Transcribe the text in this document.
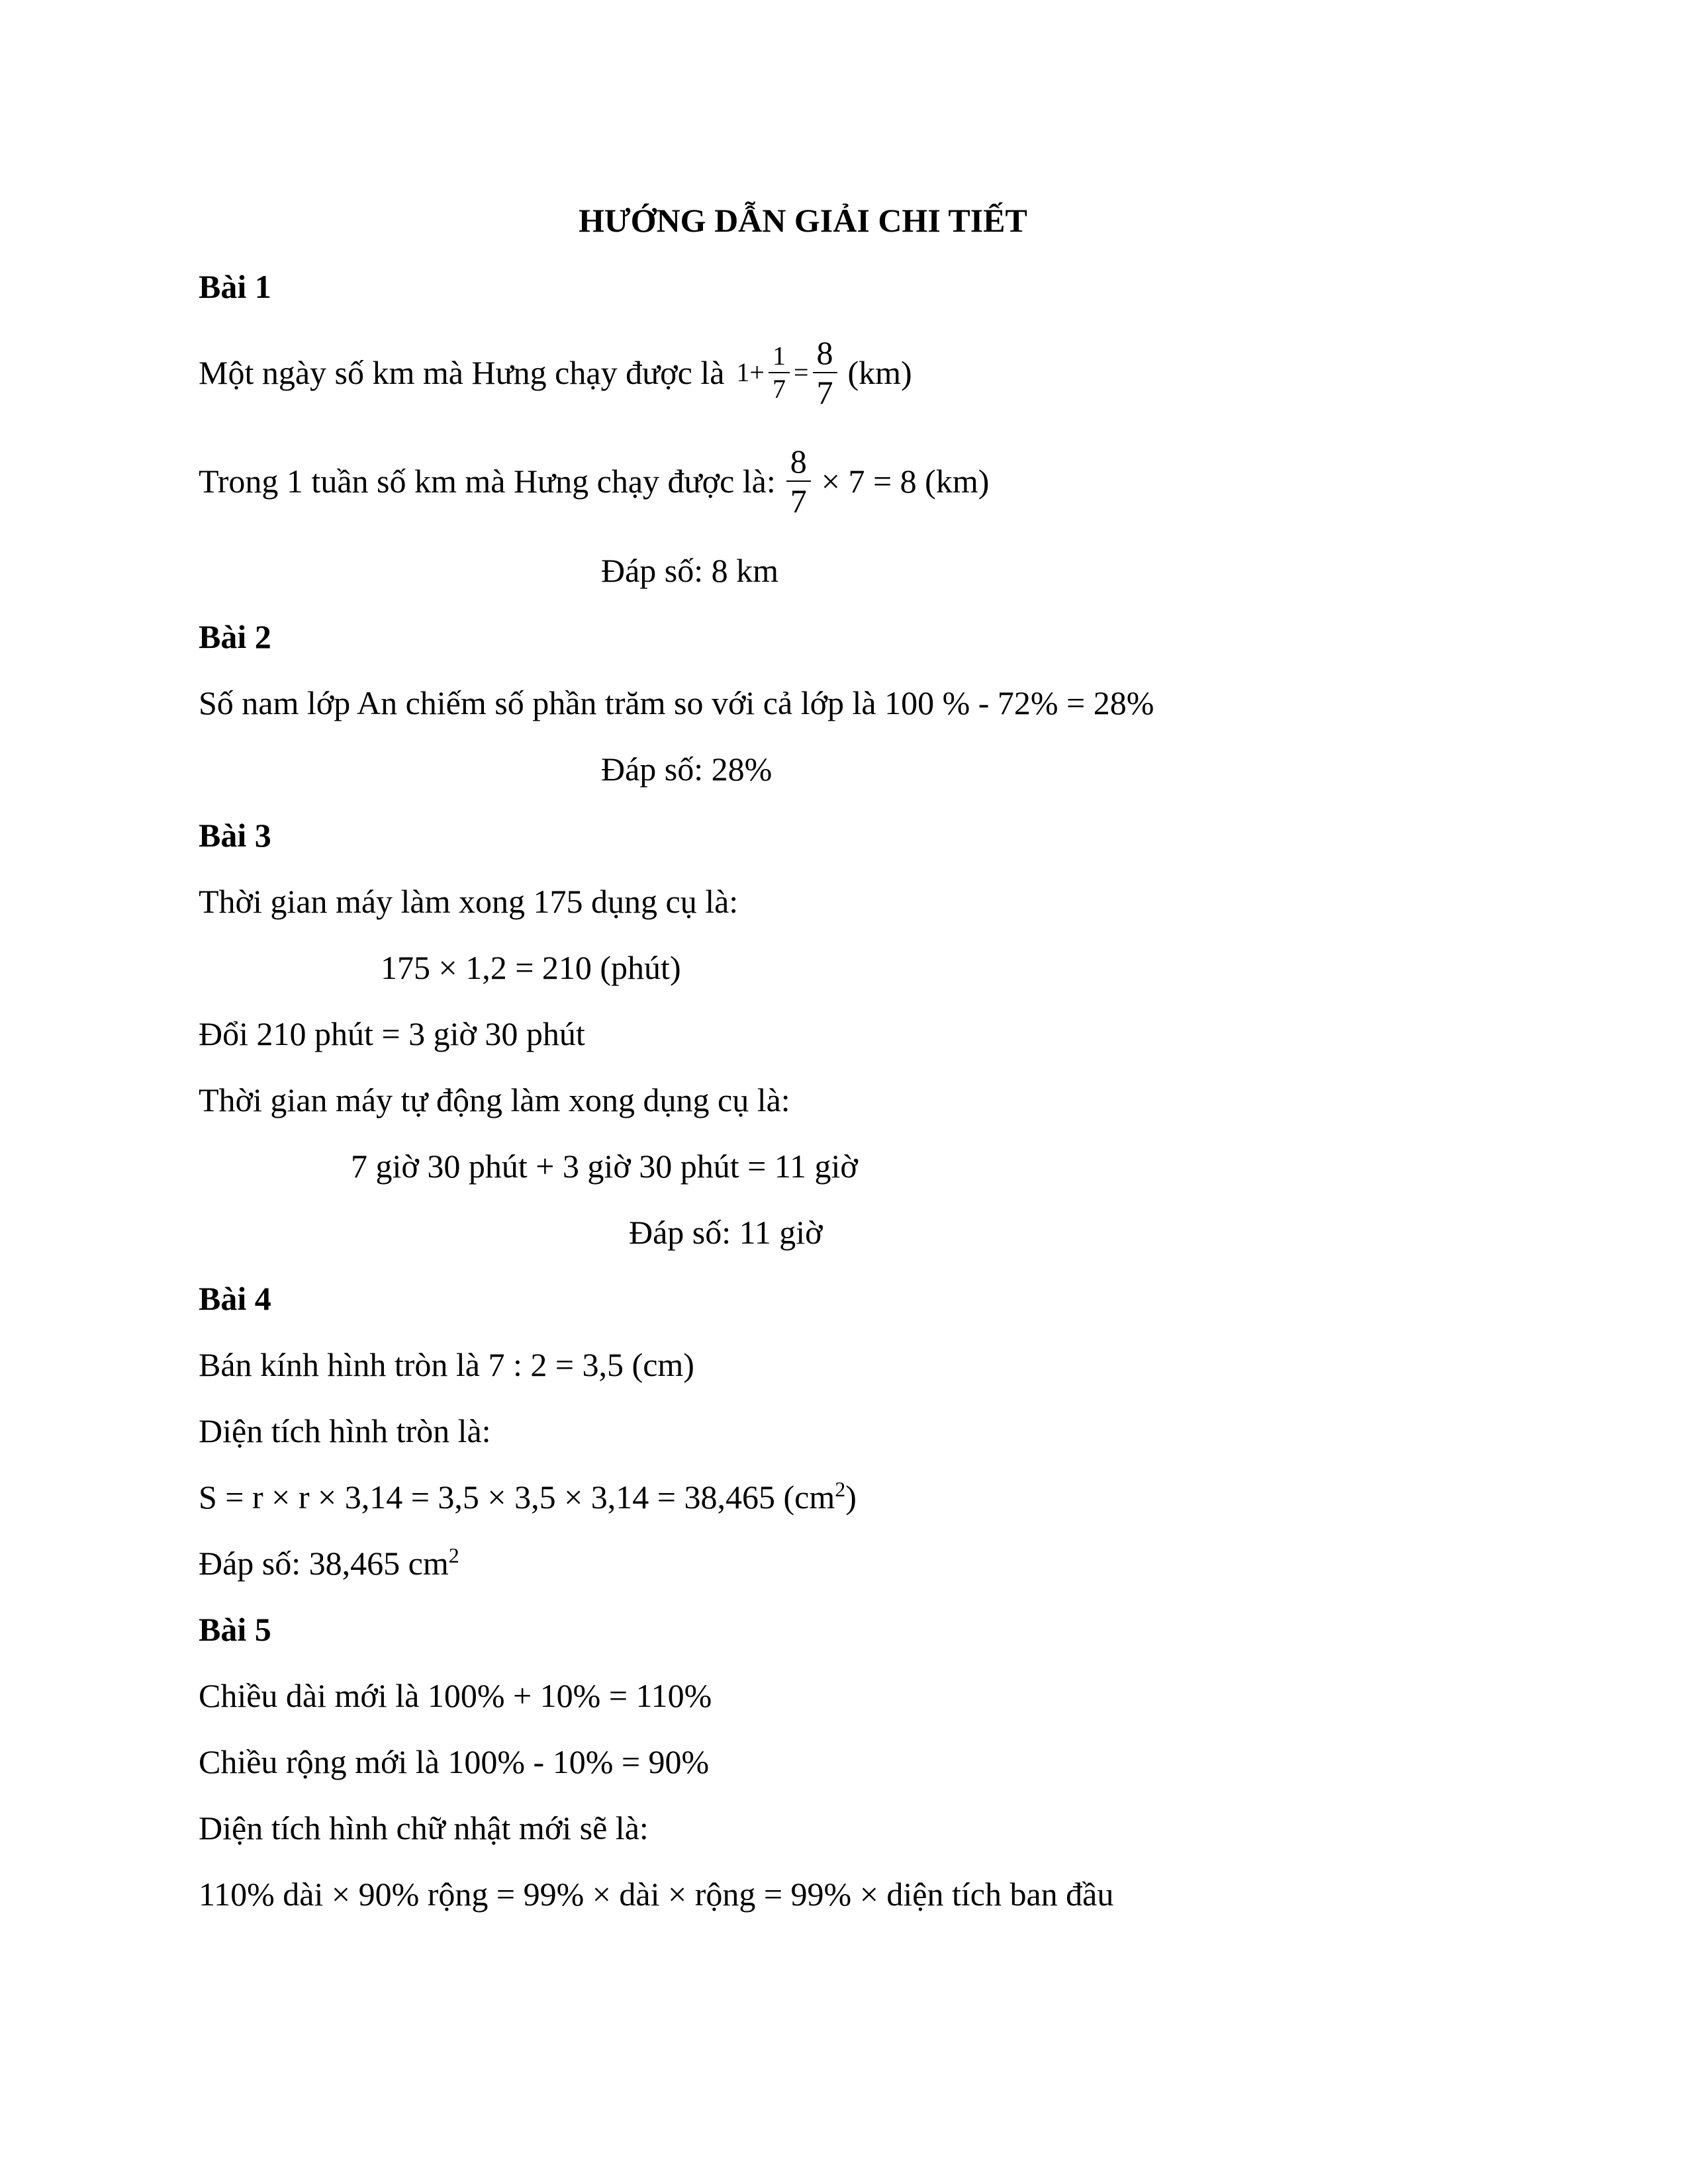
HƯỚNG DẪN GIẢI CHI TIẾT
Bài 1
Một ngày số km mà Hưng chạy được là $1+ \frac{1}{7} = \frac{8}{7} (km)$
Trong 1 tuần số km mà Hưng chạy được là: $\frac{8}{7} \times 7 = 8$ (km)
Đáp số: 8 km
Bài 2
Số nam lớp An chiếm số phần trăm so với cả lớp là 100 % - 72% = 28%
Đáp số: 28%
Bài 3
Thời gian máy làm xong 175 dụng cụ là:
175 × 1,2 = 210 (phút)
Đổi 210 phút = 3 giờ 30 phút
Thời gian máy tự động làm xong dụng cụ là:
7 giờ 30 phút + 3 giờ 30 phút = 11 giờ
Đáp số: 11 giờ
Bài 4
Bán kính hình tròn là 7 : 2 = 3,5 (cm)
Diện tích hình tròn là:
S = r × r × 3,14 = 3,5 × 3,5 × 3,14 = 38,465 $(cm^2)$
Đáp số: 38,465 $cm^2$
Bài 5
Chiều dài mới là 100% + 10% = 110%
Chiều rộng mới là 100% - 10% = 90%
Diện tích hình chữ nhật mới sẽ là:
110% dài × 90% rộng = 99% × dài × rộng = 99% × diện tích ban đầu
